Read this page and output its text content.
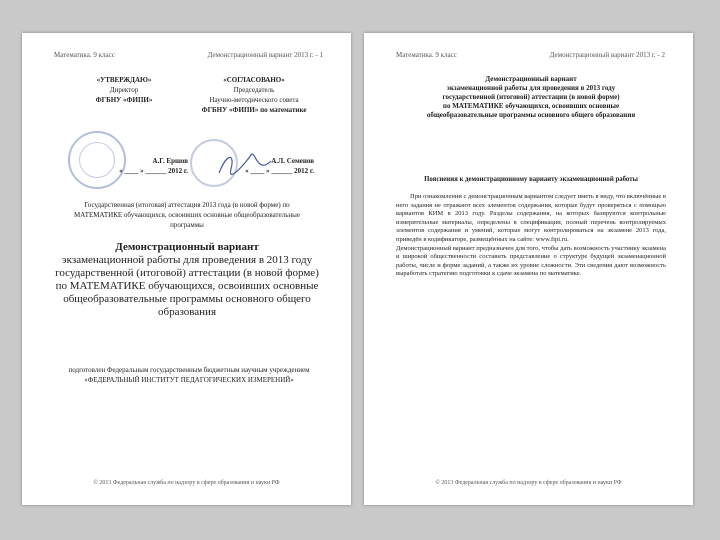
Математика. 9 класс	Демонстрационный вариант 2013 г. - 1
«УТВЕРЖДАЮ»
Директор
ФГБНУ «ФИПИ»
«СОГЛАСОВАНО»
Председатель
Научно-методического совета
ФГБНУ «ФИПИ» по математике
А.Г. Ершов
« ____ » ______ 2012 г.
А.Л. Семенов
« ____ » ______ 2012 г.
Государственная (итоговая) аттестация 2013 года (в новой форме) по МАТЕМАТИКЕ обучающихся, освоивших основные общеобразовательные программы
Демонстрационный вариант
экзаменационной работы для проведения в 2013 году государственной (итоговой) аттестации (в новой форме) по МАТЕМАТИКЕ обучающихся, освоивших основные общеобразовательные программы основного общего образования
подготовлен Федеральным государственным бюджетным научным учреждением «ФЕДЕРАЛЬНЫЙ ИНСТИТУТ ПЕДАГОГИЧЕСКИХ ИЗМЕРЕНИЙ»
© 2013 Федеральная служба по надзору в сфере образования и науки РФ
Математика. 9 класс	Демонстрационный вариант 2013 г. - 2
Демонстрационный вариант
экзаменационной работы для проведения в 2013 году
государственной (итоговой) аттестации (в новой форме)
по МАТЕМАТИКЕ обучающихся, освоивших основные
общеобразовательные программы основного общего образования
Пояснения к демонстрационному варианту экзаменационной работы

При ознакомлении с демонстрационным вариантом следует иметь в виду, что включённые в него задания не отражают всех элементов содержания, которые будут проверяться с помощью вариантов КИМ в 2013 году. Разделы содержания, на которых базируются контрольные измерительные материалы, определены в спецификации, полный перечень контролируемых элементов содержания и умений, которые могут контролироваться на экзамене 2013 года, приведён в кодификаторе, размещённых на сайте: www.fipi.ru.

Демонстрационный вариант предназначен для того, чтобы дать возможность участнику экзамена и широкой общественности составить представление о структуре будущей экзаменационной работы, числе и форме заданий, а также их уровне сложности. Эти сведения дают возможность выработать стратегию подготовки к сдаче экзамена по математике.

© 2013 Федеральная служба по надзору в сфере образования и науки РФ
